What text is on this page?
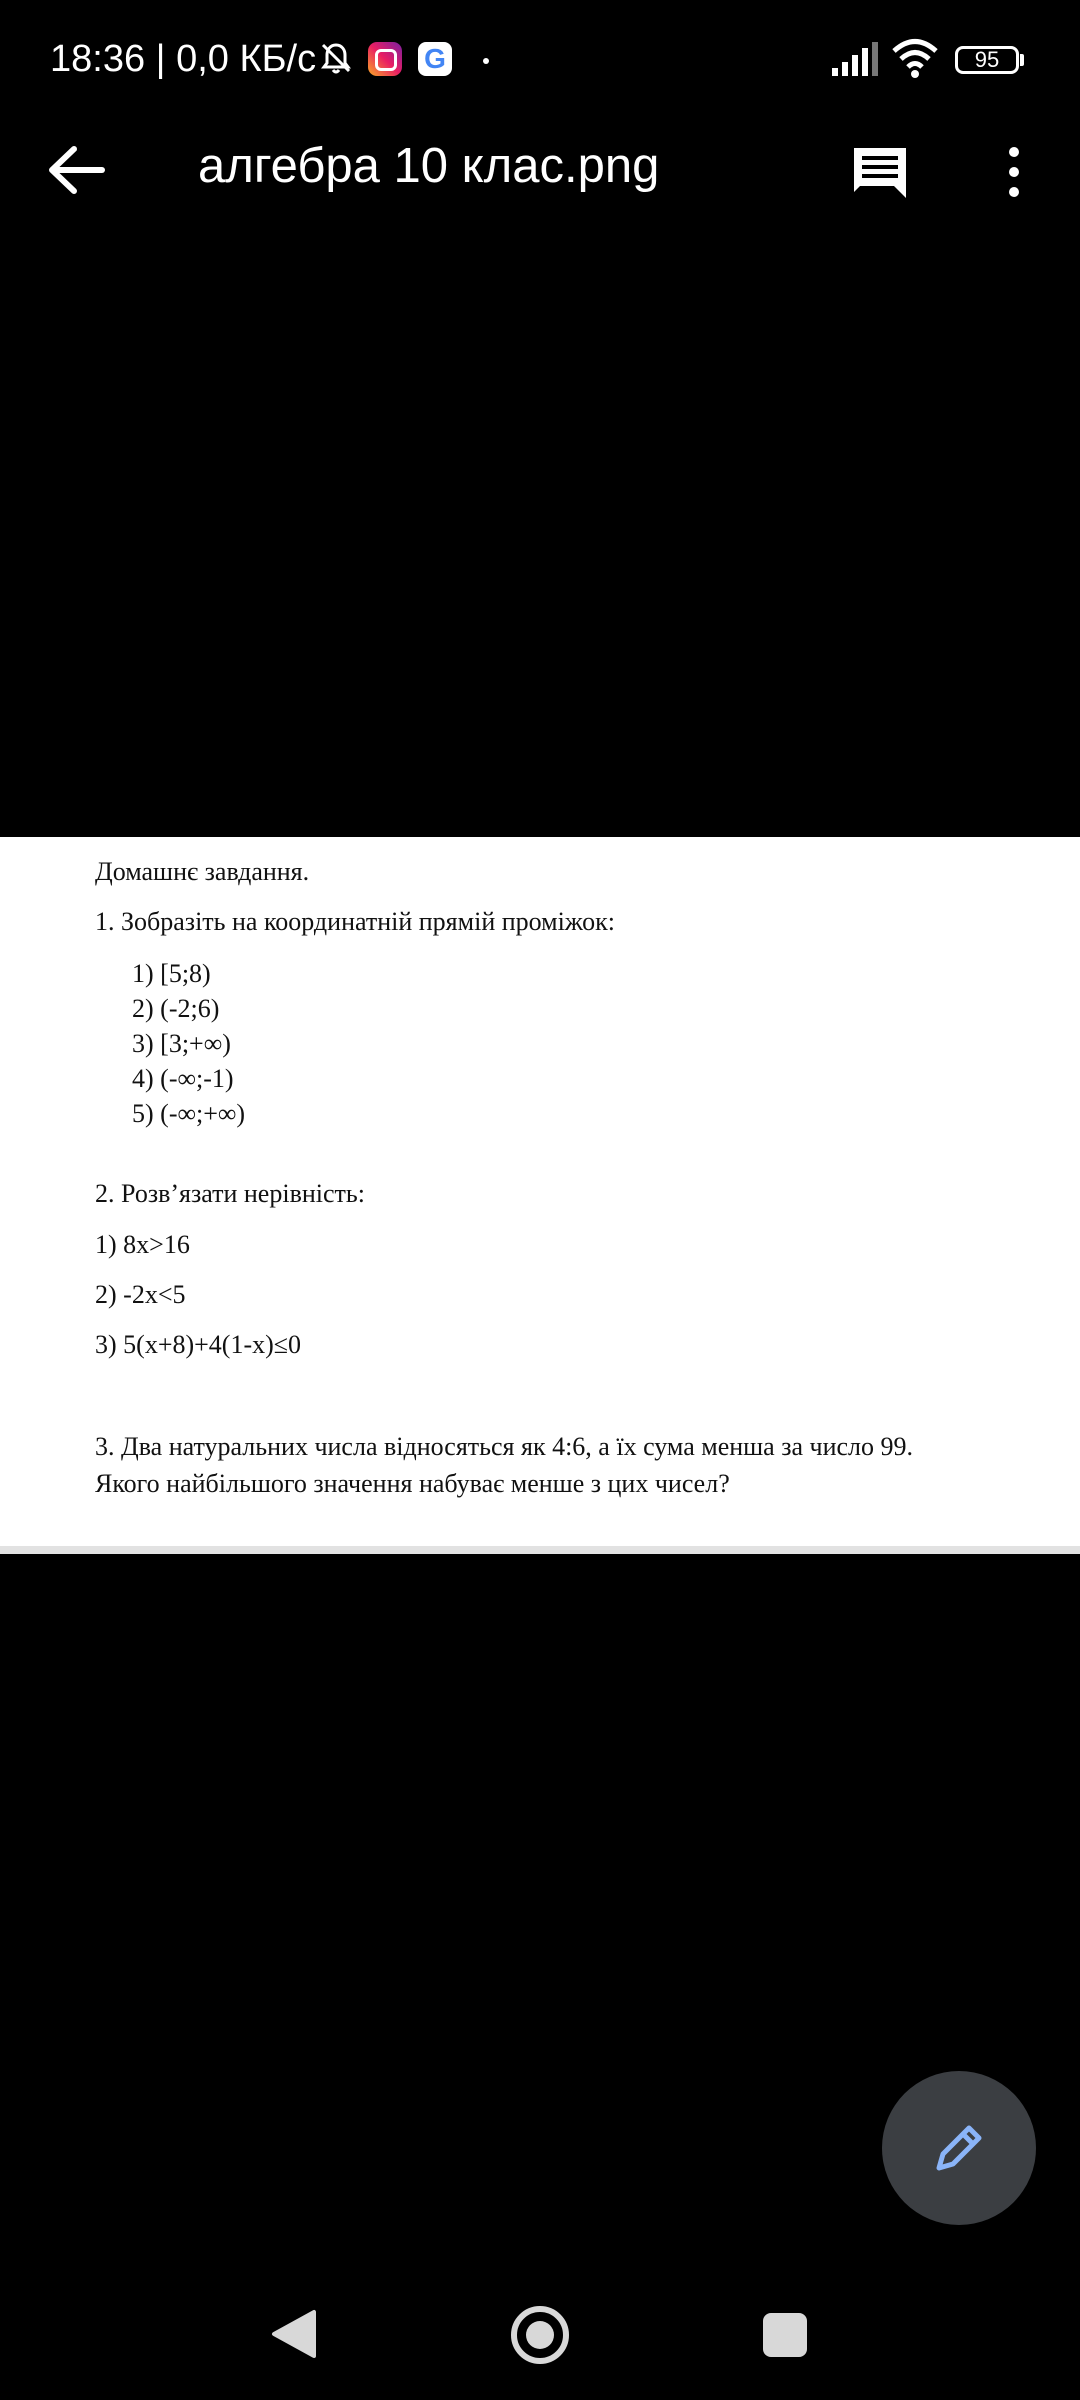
18:36 | 0,0 КБ/с	G	95
алгебра 10 клас.png
Домашнє завдання.
1. Зобразіть на координатній прямій проміжок:
1) [5;8)
2) (-2;6)
3) [3;+∞)
4) (-∞;-1)
5) (-∞;+∞)
2. Розв’язати нерівність:
1) 8x>16
2) -2x<5
3) 5(x+8)+4(1-x)≤0
3. Два натуральних числа відносяться як 4:6, а їх сума менша за число 99.
Якого найбільшого значення набуває менше з цих чисел?
